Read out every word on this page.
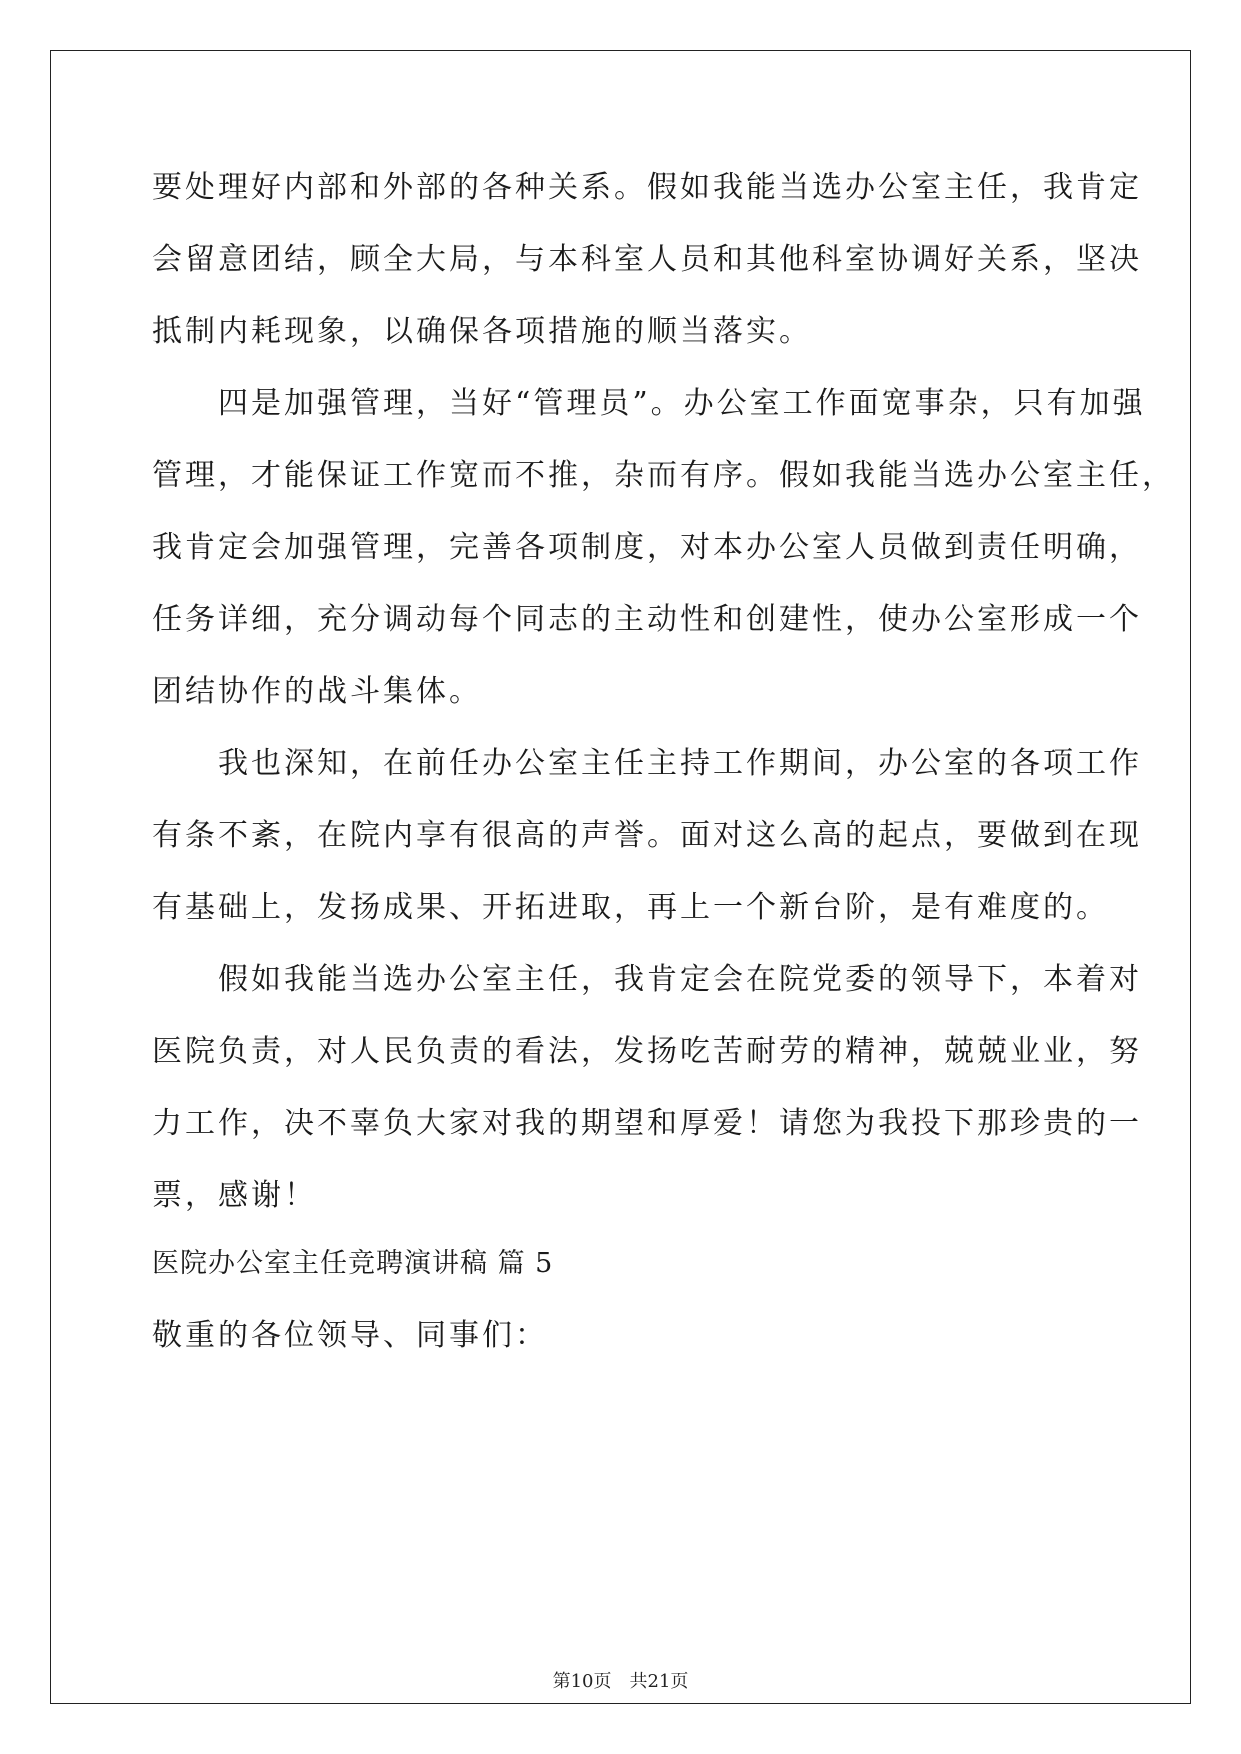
要处理好内部和外部的各种关系。假如我能当选办公室主任，我肯定
会留意团结，顾全大局，与本科室人员和其他科室协调好关系，坚决
抵制内耗现象，以确保各项措施的顺当落实。
　　四是加强管理，当好“管理员”。办公室工作面宽事杂，只有加强
管理，才能保证工作宽而不推，杂而有序。假如我能当选办公室主任，
我肯定会加强管理，完善各项制度，对本办公室人员做到责任明确，
任务详细，充分调动每个同志的主动性和创建性，使办公室形成一个
团结协作的战斗集体。
　　我也深知，在前任办公室主任主持工作期间，办公室的各项工作
有条不紊，在院内享有很高的声誉。面对这么高的起点，要做到在现
有基础上，发扬成果、开拓进取，再上一个新台阶，是有难度的。
　　假如我能当选办公室主任，我肯定会在院党委的领导下，本着对
医院负责，对人民负责的看法，发扬吃苦耐劳的精神，兢兢业业，努
力工作，决不辜负大家对我的期望和厚爱！请您为我投下那珍贵的一
票，感谢！
医院办公室主任竞聘演讲稿 篇 5
敬重的各位领导、同事们：
第10页　共21页
